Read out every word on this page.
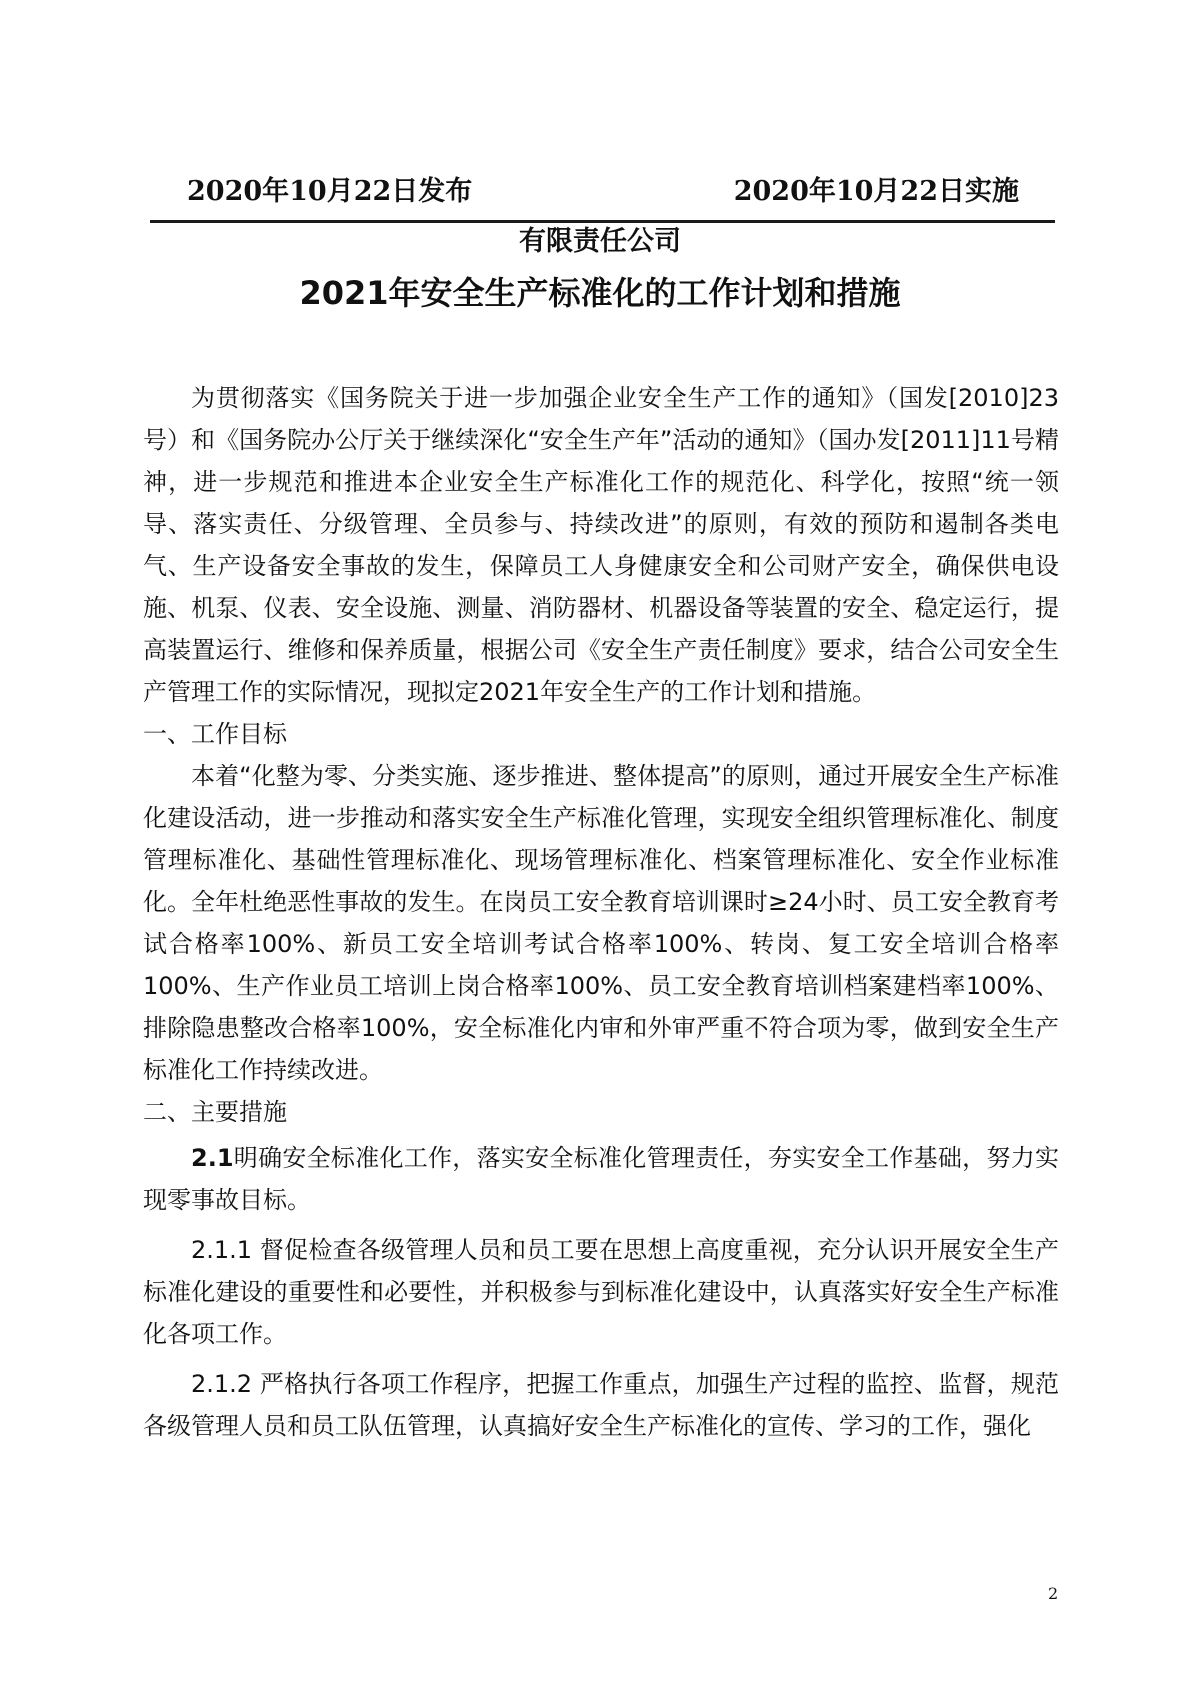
2020年10月22日发布	2020年10月22日实施
有限责任公司
2021年安全生产标准化的工作计划和措施

为贯彻落实《国务院关于进一步加强企业安全生产工作的通知》（国发[2010]23号）和《国务院办公厅关于继续深化“安全生产年”活动的通知》（国办发[2011]11号精神，进一步规范和推进本企业安全生产标准化工作的规范化、科学化，按照“统一领导、落实责任、分级管理、全员参与、持续改进”的原则，有效的预防和遏制各类电气、生产设备安全事故的发生，保障员工人身健康安全和公司财产安全，确保供电设施、机泵、仪表、安全设施、测量、消防器材、机器设备等装置的安全、稳定运行，提高装置运行、维修和保养质量，根据公司《安全生产责任制度》要求，结合公司安全生产管理工作的实际情况，现拟定2021年安全生产的工作计划和措施。

一、工作目标

本着“化整为零、分类实施、逐步推进、整体提高”的原则，通过开展安全生产标准化建设活动，进一步推动和落实安全生产标准化管理，实现安全组织管理标准化、制度管理标准化、基础性管理标准化、现场管理标准化、档案管理标准化、安全作业标准化。全年杜绝恶性事故的发生。在岗员工安全教育培训课时≥24小时、员工安全教育考试合格率100%、新员工安全培训考试合格率100%、转岗、复工安全培训合格率100%、生产作业员工培训上岗合格率100%、员工安全教育培训档案建档率100%、排除隐患整改合格率100%，安全标准化内审和外审严重不符合项为零，做到安全生产标准化工作持续改进。

二、主要措施

2.1明确安全标准化工作，落实安全标准化管理责任，夯实安全工作基础，努力实现零事故目标。

2.1.1 督促检查各级管理人员和员工要在思想上高度重视，充分认识开展安全生产标准化建设的重要性和必要性，并积极参与到标准化建设中，认真落实好安全生产标准化各项工作。

2.1.2 严格执行各项工作程序，把握工作重点，加强生产过程的监控、监督，规范各级管理人员和员工队伍管理，认真搞好安全生产标准化的宣传、学习的工作，强化

2
